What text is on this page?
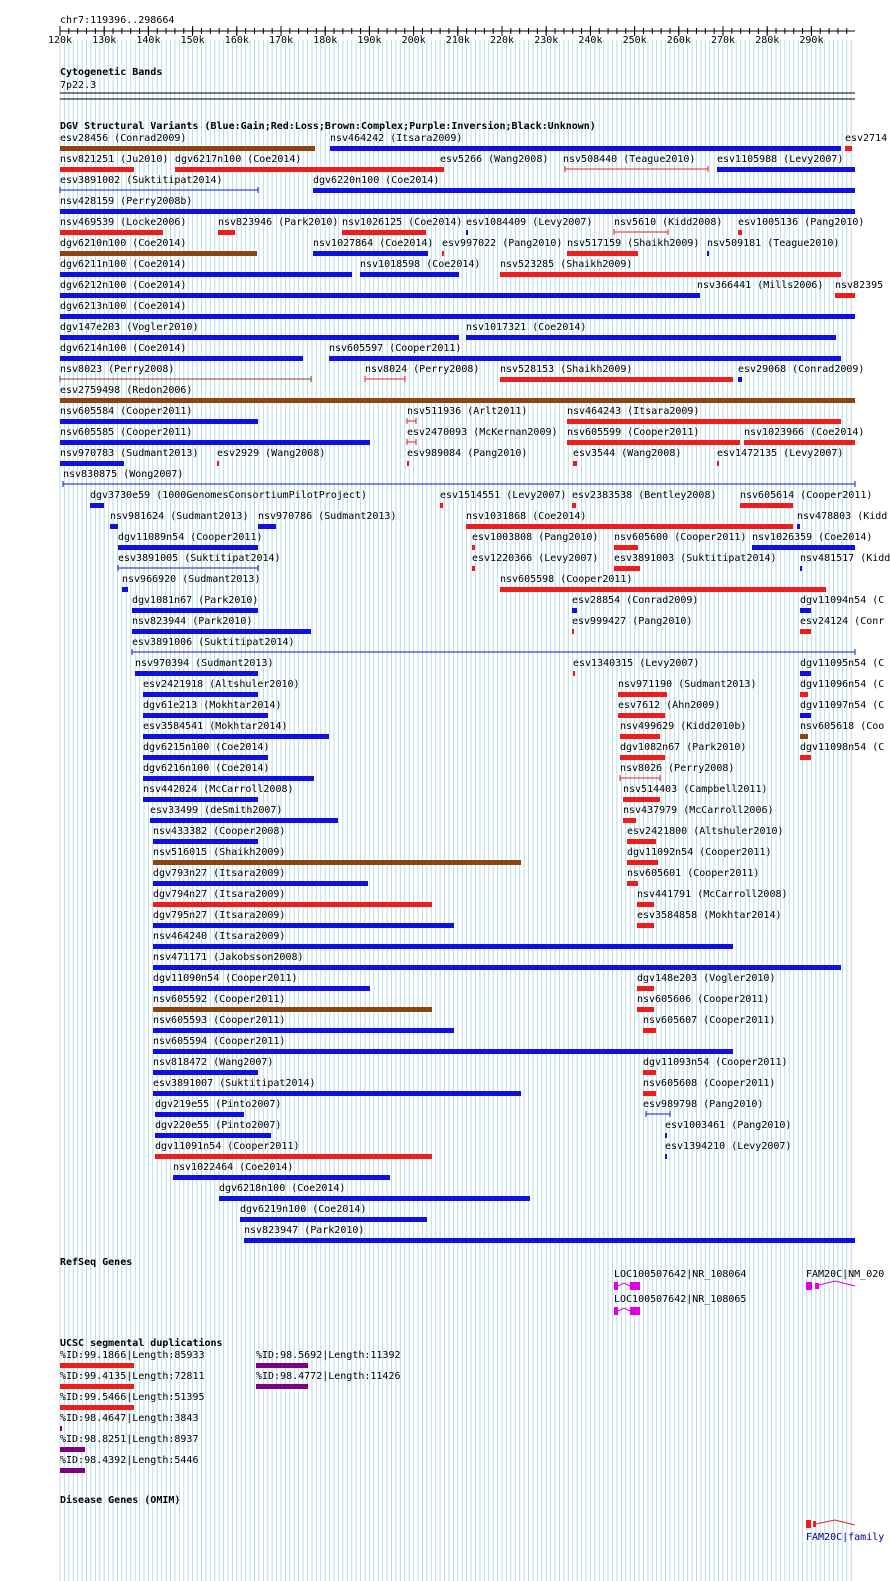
chr7:119396..298664
120k 130k 140k 150k 160k 170k 180k 190k 200k 210k 220k 230k 240k 250k 260k 270k 280k 290k
Cytogenetic Bands
7p22.3
DGV Structural Variants (Blue:Gain;Red:Loss;Brown:Complex;Purple:Inversion;Black:Unknown)
esv28456 (Conrad2009)	nsv464242 (Itsara2009)	esv2714
nsv821251 (Ju2010) dgv6217n100 (Coe2014)	esv5266 (Wang2008) nsv508440 (Teague2010) esv1105988 (Levy2007)
esv3891002 (Suktitipat2014)	dgv6220n100 (Coe2014)
nsv428159 (Perry2008b)
nsv469539 (Locke2006)	nsv823946 (Park2010) nsv1026125 (Coe2014) esv1084409 (Levy2007) nsv5610 (Kidd2008) esv1005136 (Pang2010)
dgv6210n100 (Coe2014)	nsv1027864 (Coe2014) esv997022 (Pang2010) nsv517159 (Shaikh2009) nsv509181 (Teague2010)
dgv6211n100 (Coe2014)	nsv1018598 (Coe2014) nsv523285 (Shaikh2009)
dgv6212n100 (Coe2014)	nsv366441 (Mills2006) nsv82395
dgv6213n100 (Coe2014)
dgv147e203 (Vogler2010)	nsv1017321 (Coe2014)
dgv6214n100 (Coe2014)	nsv605597 (Cooper2011)
nsv8023 (Perry2008)	nsv8024 (Perry2008) nsv528153 (Shaikh2009)	esv29068 (Conrad2009)
esv2759498 (Redon2006)
nsv605584 (Cooper2011)	nsv511936 (Arlt2011)	nsv464243 (Itsara2009)
nsv605585 (Cooper2011)	esv2470093 (McKernan2009) nsv605599 (Cooper2011)	nsv1023966 (Coe2014)
nsv970783 (Sudmant2013) esv2929 (Wang2008)	esv989084 (Pang2010)	esv3544 (Wang2008)	esv1472135 (Levy2007)
nsv830875 (Wong2007)
dgv3730e59 (1000GenomesConsortiumPilotProject)	esv1514551 (Levy2007) esv2383538 (Bentley2008) nsv605614 (Cooper2011)
nsv981624 (Sudmant2013) nsv970786 (Sudmant2013)	nsv1031868 (Coe2014)	nsv478803 (Kidd
dgv11089n54 (Cooper2011)	esv1003808 (Pang2010) nsv605600 (Cooper2011) nsv1026359 (Coe2014)
esv3891005 (Suktitipat2014)	esv1220366 (Levy2007) esv3891003 (Suktitipat2014) nsv481517 (Kidd
nsv966920 (Sudmant2013)	nsv605598 (Cooper2011)
dgv1081n67 (Park2010)	esv28854 (Conrad2009)	dgv11094n54 (C
nsv823944 (Park2010)	esv999427 (Pang2010)	esv24124 (Conr
esv3891006 (Suktitipat2014)
nsv970394 (Sudmant2013)	esv1340315 (Levy2007)	dgv11095n54 (C
esv2421918 (Altshuler2010)	nsv971190 (Sudmant2013)	dgv11096n54 (C
dgv61e213 (Mokhtar2014)	esv7612 (Ahn2009)	dgv11097n54 (C
esv3584541 (Mokhtar2014)	nsv499629 (Kidd2010b)	nsv605618 (Coo
dgv6215n100 (Coe2014)	dgv1082n67 (Park2010)	dgv11098n54 (C
dgv6216n100 (Coe2014)	nsv8026 (Perry2008)
nsv442024 (McCarroll2008)	nsv514403 (Campbell2011)
esv33499 (deSmith2007)	nsv437979 (McCarroll2006)
nsv433382 (Cooper2008)	esv2421800 (Altshuler2010)
nsv516015 (Shaikh2009)	dgv11092n54 (Cooper2011)
dgv793n27 (Itsara2009)	nsv605601 (Cooper2011)
dgv794n27 (Itsara2009)	nsv441791 (McCarroll2008)
dgv795n27 (Itsara2009)	esv3584858 (Mokhtar2014)
nsv464240 (Itsara2009)
nsv471171 (Jakobsson2008)
dgv11090n54 (Cooper2011)	dgv148e203 (Vogler2010)
nsv605592 (Cooper2011)	nsv605606 (Cooper2011)
nsv605593 (Cooper2011)	nsv605607 (Cooper2011)
nsv605594 (Cooper2011)
nsv818472 (Wang2007)	dgv11093n54 (Cooper2011)
esv3891007 (Suktitipat2014)	nsv605608 (Cooper2011)
dgv219e55 (Pinto2007)	esv989798 (Pang2010)
dgv220e55 (Pinto2007)	esv1003461 (Pang2010)
dgv11091n54 (Cooper2011)	esv1394210 (Levy2007)
nsv1022464 (Coe2014)
dgv6218n100 (Coe2014)
dgv6219n100 (Coe2014)
nsv823947 (Park2010)
RefSeq Genes
LOC100507642|NR_108064	FAM20C|NM_020
LOC100507642|NR_108065
UCSC segmental duplications
%ID:99.1866|Length:85933	%ID:98.5692|Length:11392
%ID:99.4135|Length:72811	%ID:98.4772|Length:11426
%ID:99.5466|Length:51395
%ID:98.4647|Length:3843
%ID:98.8251|Length:8937
%ID:98.4392|Length:5446
Disease Genes (OMIM)
FAM20C|family
